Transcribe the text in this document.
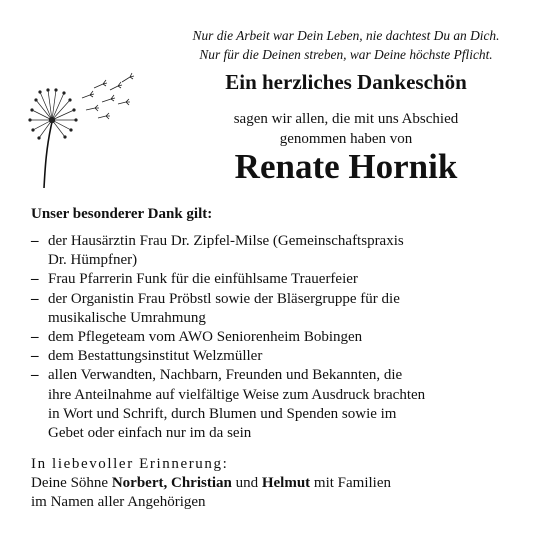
Nur die Arbeit war Dein Leben, nie dachtest Du an Dich.
Nur für die Deinen streben, war Deine höchste Pflicht.
Ein herzliches Dankeschön
sagen wir allen, die mit uns Abschied
genommen haben von
Renate Hornik
Unser besonderer Dank gilt:
– der Hausärztin Frau Dr. Zipfel-Milse (Gemeinschaftspraxis
Dr. Hümpfner)
– Frau Pfarrerin Funk für die einfühlsame Trauerfeier
– der Organistin Frau Pröbstl sowie der Bläsergruppe für die
musikalische Umrahmung
– dem Pflegeteam vom AWO Seniorenheim Bobingen
– dem Bestattungsinstitut Welzmüller
– allen Verwandten, Nachbarn, Freunden und Bekannten, die
ihre Anteilnahme auf vielfältige Weise zum Ausdruck brachten
in Wort und Schrift, durch Blumen und Spenden sowie im
Gebet oder einfach nur im da sein
In liebevoller Erinnerung:
Deine Söhne Norbert, Christian und Helmut mit Familien
im Namen aller Angehörigen
